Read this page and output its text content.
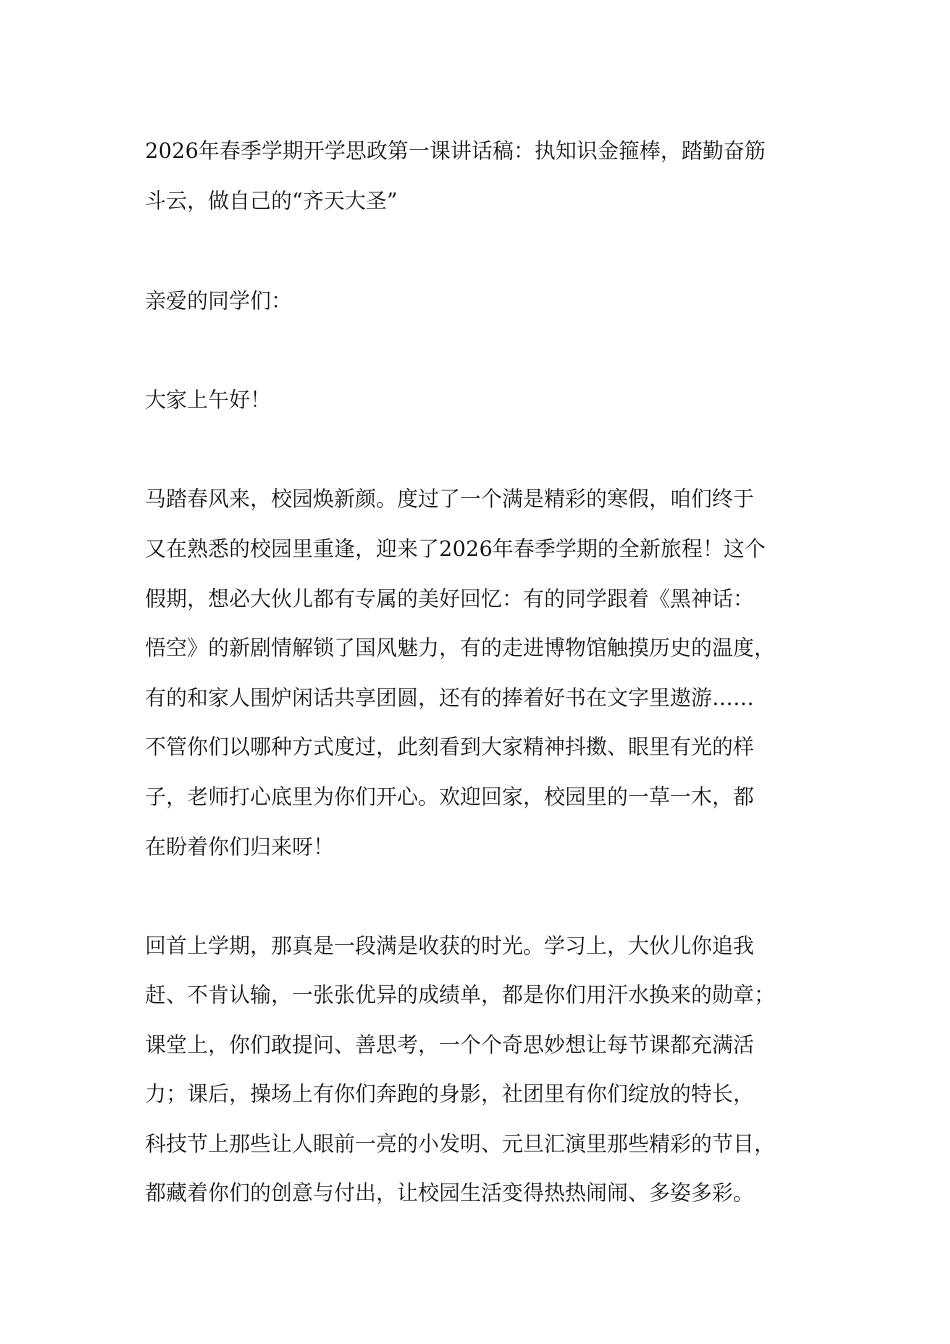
2026年春季学期开学思政第一课讲话稿：执知识金箍棒，踏勤奋筋

斗云，做自己的“齐天大圣”

亲爱的同学们：

大家上午好！

马踏春风来，校园焕新颜。度过了一个满是精彩的寒假，咱们终于

又在熟悉的校园里重逢，迎来了2026年春季学期的全新旅程！这个

假期，想必大伙儿都有专属的美好回忆：有的同学跟着《黑神话：

悟空》的新剧情解锁了国风魅力，有的走进博物馆触摸历史的温度，

有的和家人围炉闲话共享团圆，还有的捧着好书在文字里遨游……

不管你们以哪种方式度过，此刻看到大家精神抖擞、眼里有光的样

子，老师打心底里为你们开心。欢迎回家，校园里的一草一木，都

在盼着你们归来呀！

回首上学期，那真是一段满是收获的时光。学习上，大伙儿你追我

赶、不肯认输，一张张优异的成绩单，都是你们用汗水换来的勋章；

课堂上，你们敢提问、善思考，一个个奇思妙想让每节课都充满活

力；课后，操场上有你们奔跑的身影，社团里有你们绽放的特长，

科技节上那些让人眼前一亮的小发明、元旦汇演里那些精彩的节目，

都藏着你们的创意与付出，让校园生活变得热热闹闹、多姿多彩。
